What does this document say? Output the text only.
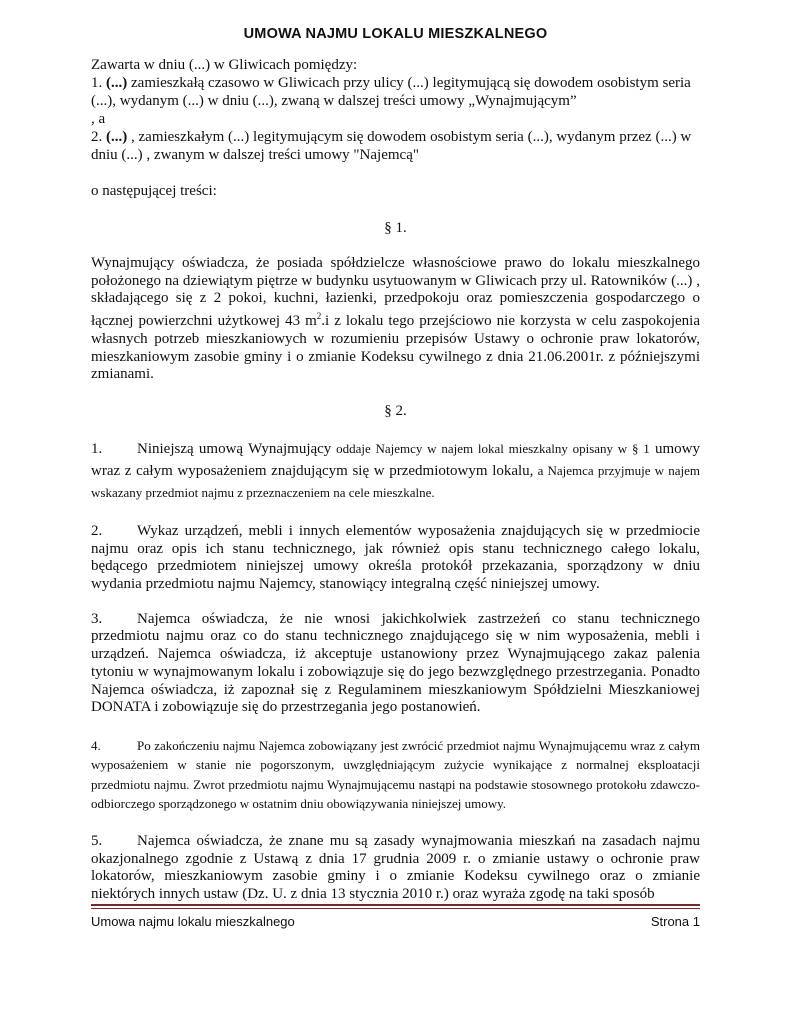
UMOWA NAJMU LOKALU MIESZKALNEGO
Zawarta w dniu (...) w Gliwicach pomiędzy:
1. (...) zamieszkałą czasowo w Gliwicach przy ulicy (...) legitymującą się dowodem osobistym seria (...), wydanym (...) w dniu (...), zwaną w dalszej treści umowy „Wynajmującym”
, a
2. (...) , zamieszkałym (...) legitymującym się dowodem osobistym seria (...), wydanym przez (...) w dniu (...) , zwanym w dalszej treści umowy "Najemcą"

o następującej treści:

§ 1.

Wynajmujący oświadcza, że posiada spółdzielcze własnościowe prawo do lokalu mieszkalnego położonego na dziewiątym piętrze w budynku usytuowanym w Gliwicach przy ul. Ratowników (...) , składającego się z 2 pokoi, kuchni, łazienki, przedpokoju oraz pomieszczenia gospodarczego o łącznej powierzchni użytkowej 43 $m^2.i$ z lokalu tego przejściowo nie korzysta w celu zaspokojenia własnych potrzeb mieszkaniowych w rozumieniu przepisów Ustawy o ochronie praw lokatorów, mieszkaniowym zasobie gminy i o zmianie Kodeksu cywilnego z dnia 21.06.2001r. z późniejszymi zmianami.

§ 2.

1. Niniejszą umową Wynajmujący oddaje Najemcy w najem lokal mieszkalny opisany w § 1 umowy wraz z całym wyposażeniem znajdującym się w przedmiotowym lokalu, a Najemca przyjmuje w najem wskazany przedmiot najmu z przeznaczeniem na cele mieszkalne.

2. Wykaz urządzeń, mebli i innych elementów wyposażenia znajdujących się w przedmiocie najmu oraz opis ich stanu technicznego, jak również opis stanu technicznego całego lokalu, będącego przedmiotem niniejszej umowy określa protokół przekazania, sporządzony w dniu wydania przedmiotu najmu Najemcy, stanowiący integralną część niniejszej umowy.

3. Najemca oświadcza, że nie wnosi jakichkolwiek zastrzeżeń co stanu technicznego przedmiotu najmu oraz co do stanu technicznego znajdującego się w nim wyposażenia, mebli i urządzeń. Najemca oświadcza, iż akceptuje ustanowiony przez Wynajmującego zakaz palenia tytoniu w wynajmowanym lokalu i zobowiązuje się do jego bezwzględnego przestrzegania. Ponadto Najemca oświadcza, iż zapoznał się z Regulaminem mieszkaniowym Spółdzielni Mieszkaniowej DONATA i zobowiązuje się do przestrzegania jego postanowień.

4.	Po zakończeniu najmu Najemca zobowiązany jest zwrócić przedmiot najmu Wynajmującemu wraz z całym wyposażeniem w stanie nie pogorszonym, uwzględniającym zużycie wynikające z normalnej eksploatacji przedmiotu najmu. Zwrot przedmiotu najmu Wynajmującemu nastąpi na podstawie stosownego protokołu zdawczo-odbiorczego sporządzonego w ostatnim dniu obowiązywania niniejszej umowy.

5. Najemca oświadcza, że znane mu są zasady wynajmowania mieszkań na zasadach najmu okazjonalnego zgodnie z Ustawą z dnia 17 grudnia 2009 r. o zmianie ustawy o ochronie praw lokatorów, mieszkaniowym zasobie gminy i o zmianie Kodeksu cywilnego oraz o zmianie niektórych innych ustaw (Dz. U. z dnia 13 stycznia 2010 r.) oraz wyraża zgodę na taki sposób

Umowa najmu lokalu mieszkalnego	Strona 1
